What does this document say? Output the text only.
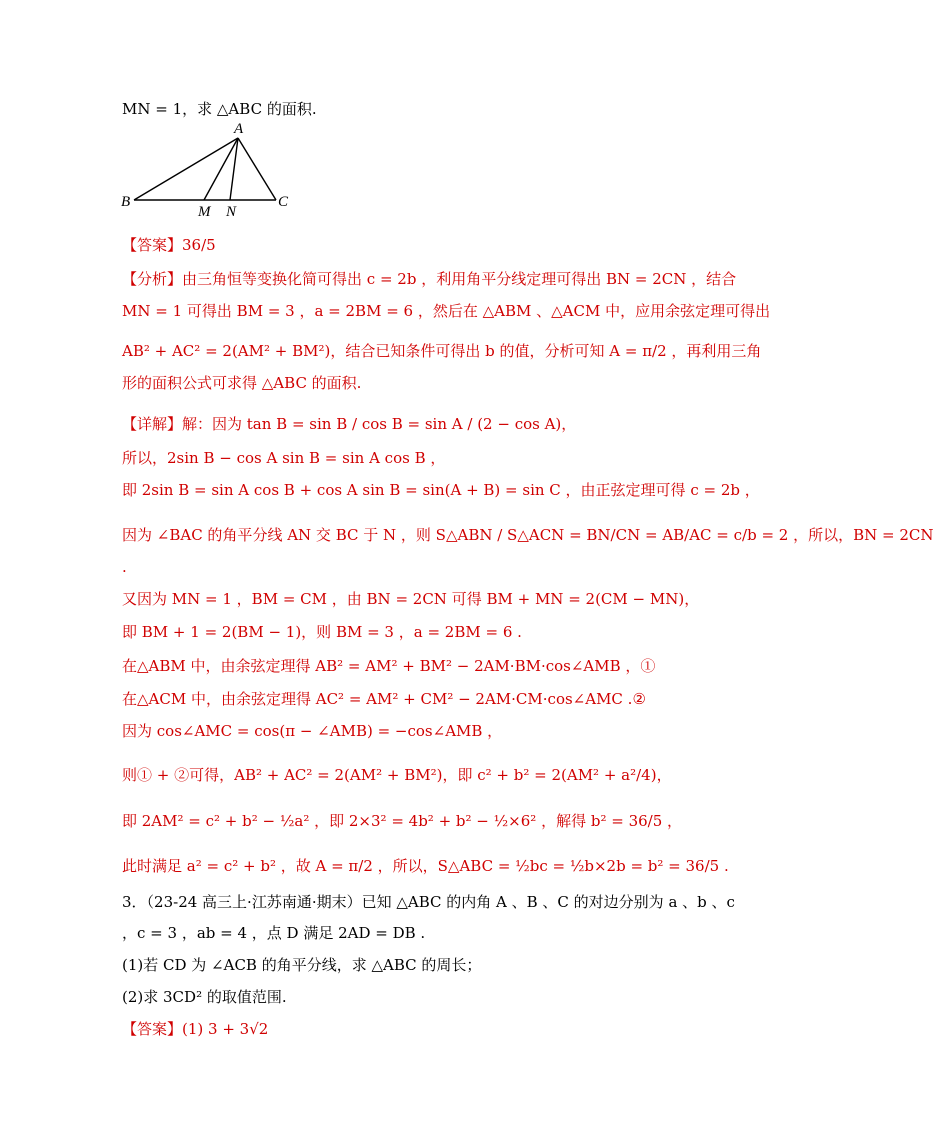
MN = 1，求 △ABC 的面积.
【答案】36/5
【分析】由三角恒等变换化简可得出 c = 2b ，利用角平分线定理可得出 BN = 2CN ，结合
MN = 1 可得出 BM = 3 ，a = 2BM = 6 ，然后在 △ABM 、△ACM 中，应用余弦定理可得出
AB² + AC² = 2(AM² + BM²)，结合已知条件可得出 b 的值，分析可知 A = π/2 ，再利用三角
形的面积公式可求得 △ABC 的面积.
【详解】解：因为 tan B = sin B / cos B = sin A / (2 − cos A)，
所以，2sin B − cos A sin B = sin A cos B ，
即 2sin B = sin A cos B + cos A sin B = sin(A + B) = sin C ，由正弦定理可得 c = 2b ，
因为 ∠BAC 的角平分线 AN 交 BC 于 N ，则 S△ABN / S△ACN = BN/CN = AB/AC = c/b = 2 ，所以，BN = 2CN
.
又因为 MN = 1 ，BM = CM ，由 BN = 2CN 可得 BM + MN = 2(CM − MN)，
即 BM + 1 = 2(BM − 1)，则 BM = 3 ，a = 2BM = 6 .
在△ABM 中，由余弦定理得 AB² = AM² + BM² − 2AM·BM·cos∠AMB ，①
在△ACM 中，由余弦定理得 AC² = AM² + CM² − 2AM·CM·cos∠AMC .②
因为 cos∠AMC = cos(π − ∠AMB) = −cos∠AMB ，
则① + ②可得，AB² + AC² = 2(AM² + BM²)，即 c² + b² = 2(AM² + a²/4)，
即 2AM² = c² + b² − ½a² ，即 2×3² = 4b² + b² − ½×6² ，解得 b² = 36/5 ，
此时满足 a² = c² + b² ，故 A = π/2 ，所以，S△ABC = ½bc = ½b×2b = b² = 36/5 .
3．（23-24 高三上·江苏南通·期末）已知 △ABC 的内角 A 、B 、C 的对边分别为 a 、b 、c
，c = 3 ，ab = 4 ，点 D 满足 2AD = DB .
(1)若 CD 为 ∠ACB 的角平分线，求 △ABC 的周长；
(2)求 3CD² 的取值范围.
【答案】(1) 3 + 3√2
A
B	C
M N
